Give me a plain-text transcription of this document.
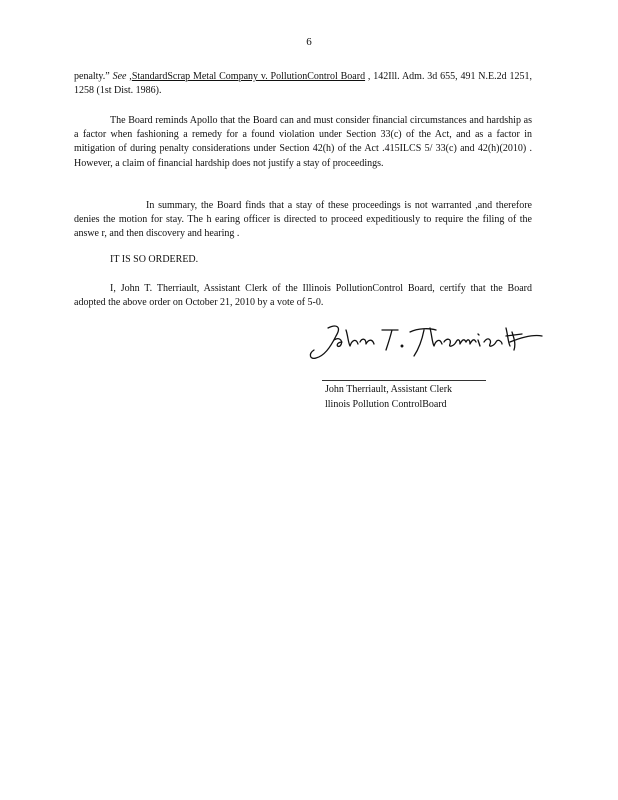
6

penalty.” See ,StandardScrap Metal Company v. PollutionControl Board , 142Ill. Adm. 3d 655, 491 N.E.2d 1251, 1258 (1st Dist. 1986).

The Board reminds Apollo that the Board can and must consider financial circumstances and hardship as a factor when fashioning a remedy for a found violation under Section 33(c) of the Act, and as a factor in mitigation of during penalty considerations under Section 42(h) of the Act .415ILCS 5/ 33(c) and 42(h)(2010) . However, a claim of financial hardship does not justify a stay of proceedings.

In summary, the Board finds that a stay of these proceedings is not warranted ,and therefore denies the motion for stay. The h earing officer is directed to proceed expeditiously to require the filing of the answe r, and then discovery and hearing .

IT IS SO ORDERED.

I, John T. Therriault, Assistant Clerk of the Illinois PollutionControl Board, certify that the Board adopted the above order on October 21, 2010 by a vote of 5-0.

John Therriault, Assistant Clerk
llinois Pollution ControlBoard
